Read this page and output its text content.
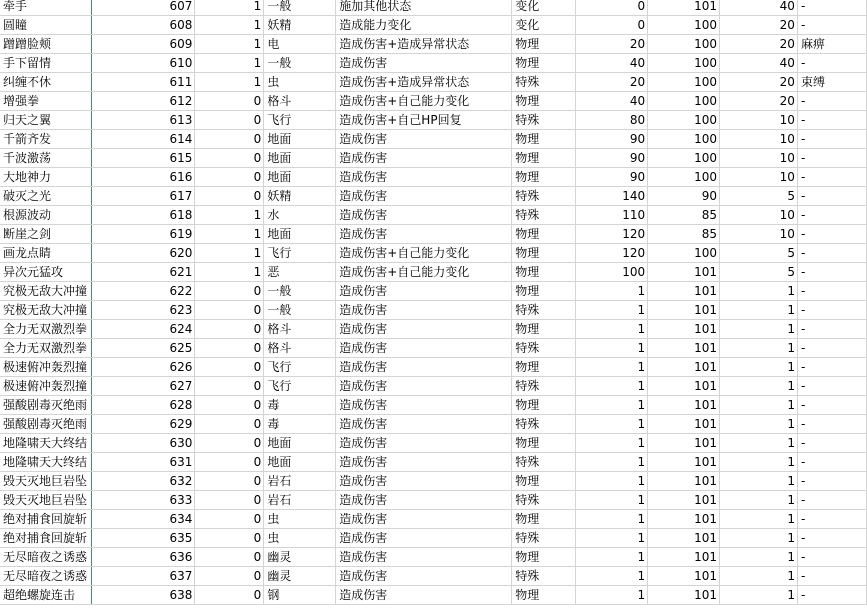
牵手	607	1	一般	施加其他状态	变化	0	101	40	-
圆瞳	608	1	妖精	造成能力变化	变化	0	100	20	-
蹭蹭脸颊	609	1	电	造成伤害+造成异常状态	物理	20	100	20	麻痹
手下留情	610	1	一般	造成伤害	物理	40	100	40	-
纠缠不休	611	1	虫	造成伤害+造成异常状态	特殊	20	100	20	束缚
增强拳	612	0	格斗	造成伤害+自己能力变化	物理	40	100	20	-
归天之翼	613	0	飞行	造成伤害+自己HP回复	特殊	80	100	10	-
千箭齐发	614	0	地面	造成伤害	物理	90	100	10	-
千波激荡	615	0	地面	造成伤害	物理	90	100	10	-
大地神力	616	0	地面	造成伤害	物理	90	100	10	-
破灭之光	617	0	妖精	造成伤害	特殊	140	90	5	-
根源波动	618	1	水	造成伤害	特殊	110	85	10	-
断崖之剑	619	1	地面	造成伤害	物理	120	85	10	-
画龙点睛	620	1	飞行	造成伤害+自己能力变化	物理	120	100	5	-
异次元猛攻	621	1	恶	造成伤害+自己能力变化	物理	100	101	5	-
究极无敌大冲撞	622	0	一般	造成伤害	物理	1	101	1	-
究极无敌大冲撞	623	0	一般	造成伤害	特殊	1	101	1	-
全力无双激烈拳	624	0	格斗	造成伤害	物理	1	101	1	-
全力无双激烈拳	625	0	格斗	造成伤害	特殊	1	101	1	-
极速俯冲轰烈撞	626	0	飞行	造成伤害	物理	1	101	1	-
极速俯冲轰烈撞	627	0	飞行	造成伤害	特殊	1	101	1	-
强酸剧毒灭绝雨	628	0	毒	造成伤害	物理	1	101	1	-
强酸剧毒灭绝雨	629	0	毒	造成伤害	特殊	1	101	1	-
地隆啸天大终结	630	0	地面	造成伤害	物理	1	101	1	-
地隆啸天大终结	631	0	地面	造成伤害	特殊	1	101	1	-
毁天灭地巨岩坠	632	0	岩石	造成伤害	物理	1	101	1	-
毁天灭地巨岩坠	633	0	岩石	造成伤害	特殊	1	101	1	-
绝对捕食回旋斩	634	0	虫	造成伤害	物理	1	101	1	-
绝对捕食回旋斩	635	0	虫	造成伤害	特殊	1	101	1	-
无尽暗夜之诱惑	636	0	幽灵	造成伤害	物理	1	101	1	-
无尽暗夜之诱惑	637	0	幽灵	造成伤害	特殊	1	101	1	-
超绝螺旋连击	638	0	钢	造成伤害	物理	1	101	1	-
